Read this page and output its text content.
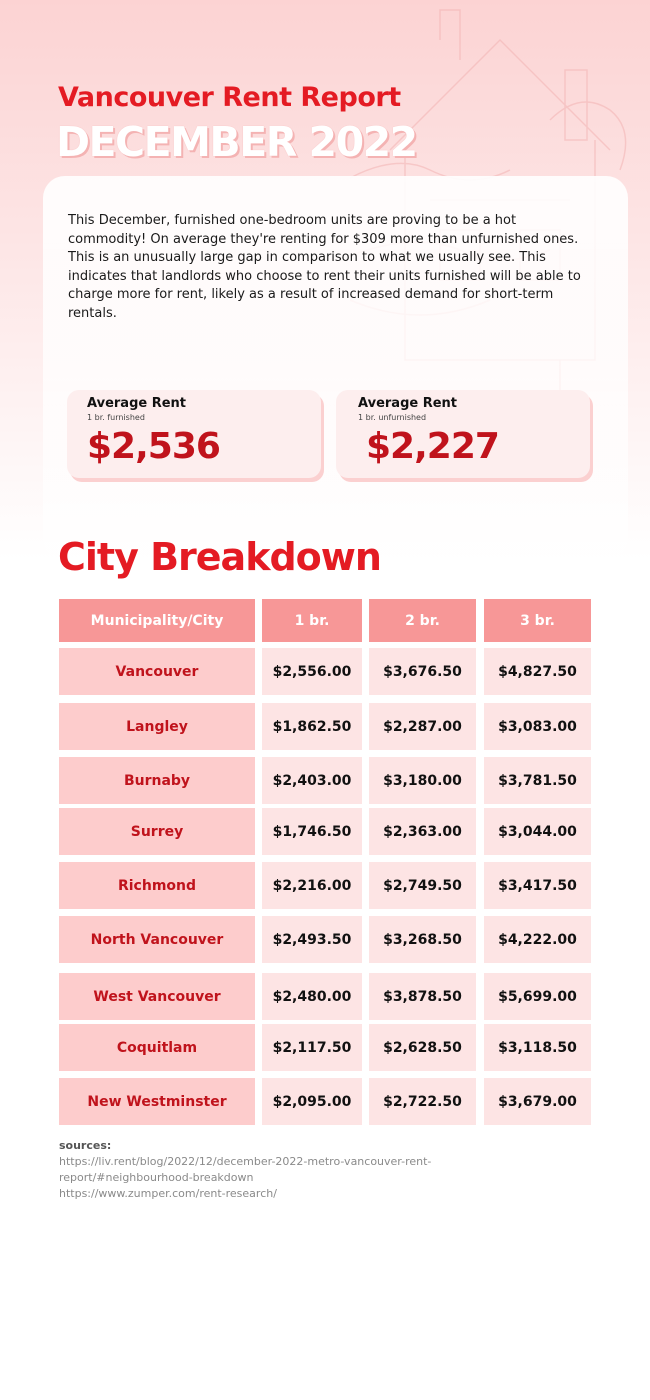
Vancouver Rent Report
DECEMBER 2022

This December, furnished one-bedroom units are proving to be a hot commodity! On average they're renting for $309 more than unfurnished ones. This is an unusually large gap in comparison to what we usually see. This indicates that landlords who choose to rent their units furnished will be able to charge more for rent, likely as a result of increased demand for short-term rentals.

Average Rent
1 br. furnished
$2,536
Average Rent
1 br. unfurnished
$2,227
City Breakdown
Municipality/City	1 br.	2 br.	3 br.
Vancouver	$2,556.00	$3,676.50	$4,827.50
Langley	$1,862.50	$2,287.00	$3,083.00
Burnaby	$2,403.00	$3,180.00	$3,781.50
Surrey	$1,746.50	$2,363.00	$3,044.00
Richmond	$2,216.00	$2,749.50	$3,417.50
North Vancouver	$2,493.50	$3,268.50	$4,222.00
West Vancouver	$2,480.00	$3,878.50	$5,699.00
Coquitlam	$2,117.50	$2,628.50	$3,118.50
New Westminster	$2,095.00	$2,722.50	$3,679.00
sources:
https://liv.rent/blog/2022/12/december-2022-metro-vancouver-rent-
report/#neighbourhood-breakdown
https://www.zumper.com/rent-research/
